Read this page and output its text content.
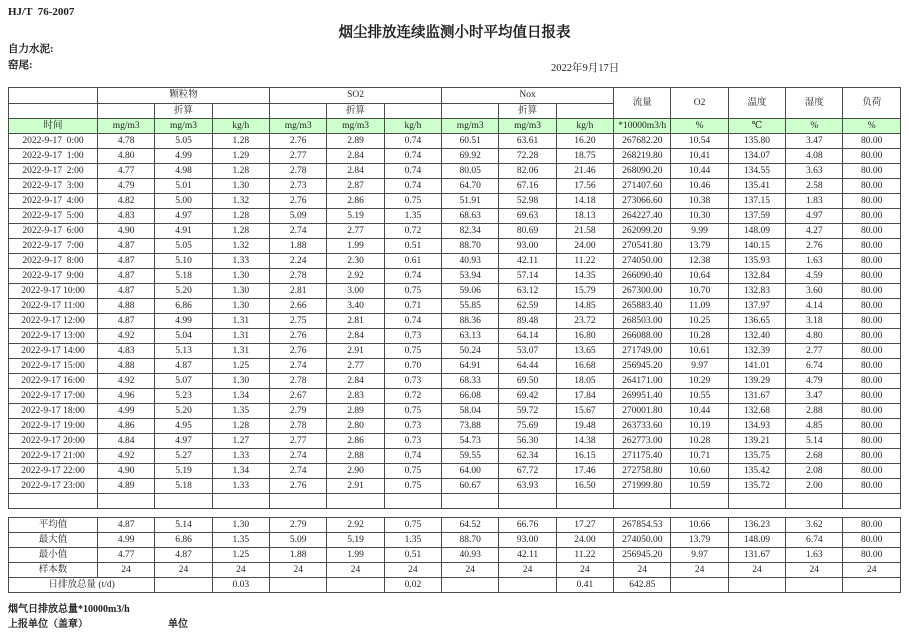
HJ/T  76-2007
烟尘排放连续监测小时平均值日报表
自力水泥:
窑尾:	2022年9月17日
	颗粒物			SO2			Nox			流量	O2	温度	湿度	负荷
		折算			折算			折算						
时间	mg/m3	mg/m3	kg/h	mg/m3	mg/m3	kg/h	mg/m3	mg/m3	kg/h	*10000m3/h	%	℃	%	%
2022-9-17  0:00	4.78	5.05	1.28	2.76	2.89	0.74	60.51	63.61	16.20	267682.20	10.54	135.80	3.47	80.00
2022-9-17  1:00	4.80	4.99	1.29	2.77	2.84	0.74	69.92	72.28	18.75	268219.80	10.41	134.07	4.08	80.00
2022-9-17  2:00	4.77	4.98	1.28	2.78	2.84	0.74	80.05	82.06	21.46	268090.20	10.44	134.55	3.63	80.00
2022-9-17  3:00	4.79	5.01	1.30	2.73	2.87	0.74	64.70	67.16	17.56	271407.60	10.46	135.41	2.58	80.00
2022-9-17  4:00	4.82	5.00	1.32	2.76	2.86	0.75	51.91	52.98	14.18	273066.60	10.38	137.15	1.83	80.00
2022-9-17  5:00	4.83	4.97	1.28	5.09	5.19	1.35	68.63	69.63	18.13	264227.40	10.30	137.59	4.97	80.00
2022-9-17  6:00	4.90	4.91	1.28	2.74	2.77	0.72	82.34	80.69	21.58	262099.20	9.99	148.09	4.27	80.00
2022-9-17  7:00	4.87	5.05	1.32	1.88	1.99	0.51	88.70	93.00	24.00	270541.80	13.79	140.15	2.76	80.00
2022-9-17  8:00	4.87	5.10	1.33	2.24	2.30	0.61	40.93	42.11	11.22	274050.00	12.38	135.93	1.63	80.00
2022-9-17  9:00	4.87	5.18	1.30	2.78	2.92	0.74	53.94	57.14	14.35	266090.40	10.64	132.84	4.59	80.00
2022-9-17 10:00	4.87	5.20	1.30	2.81	3.00	0.75	59.06	63.12	15.79	267300.00	10.70	132.83	3.60	80.00
2022-9-17 11:00	4.88	6.86	1.30	2.66	3.40	0.71	55.85	62.59	14.85	265883.40	11.09	137.97	4.14	80.00
2022-9-17 12:00	4.87	4.99	1.31	2.75	2.81	0.74	88.36	89.48	23.72	268503.00	10.25	136.65	3.18	80.00
2022-9-17 13:00	4.92	5.04	1.31	2.76	2.84	0.73	63.13	64.14	16.80	266088.00	10.28	132.40	4.80	80.00
2022-9-17 14:00	4.83	5.13	1.31	2.76	2.91	0.75	50.24	53.07	13.65	271749.00	10.61	132.39	2.77	80.00
2022-9-17 15:00	4.88	4.87	1.25	2.74	2.77	0.70	64.91	64.44	16.68	256945.20	9.97	141.01	6.74	80.00
2022-9-17 16:00	4.92	5.07	1.30	2.78	2.84	0.73	68.33	69.50	18.05	264171.00	10.29	139.29	4.79	80.00
2022-9-17 17:00	4.96	5.23	1.34	2.67	2.83	0.72	66.08	69.42	17.84	269951.40	10.55	131.67	3.47	80.00
2022-9-17 18:00	4.99	5.20	1.35	2.79	2.89	0.75	58.04	59.72	15.67	270001.80	10.44	132.68	2.88	80.00
2022-9-17 19:00	4.86	4.95	1.28	2.78	2.80	0.73	73.88	75.69	19.48	263733.60	10.19	134.93	4.85	80.00
2022-9-17 20:00	4.84	4.97	1.27	2.77	2.86	0.73	54.73	56.30	14.38	262773.00	10.28	139.21	5.14	80.00
2022-9-17 21:00	4.92	5.27	1.33	2.74	2.88	0.74	59.55	62.34	16.15	271175.40	10.71	135.75	2.68	80.00
2022-9-17 22:00	4.90	5.19	1.34	2.74	2.90	0.75	64.00	67.72	17.46	272758.80	10.60	135.42	2.08	80.00
2022-9-17 23:00	4.89	5.18	1.33	2.76	2.91	0.75	60.67	63.93	16.50	271999.80	10.59	135.72	2.00	80.00

平均值	4.87	5.14	1.30	2.79	2.92	0.75	64.52	66.76	17.27	267854.53	10.66	136.23	3.62	80.00
最大值	4.99	6.86	1.35	5.09	5.19	1.35	88.70	93.00	24.00	274050.00	13.79	148.09	6.74	80.00
最小值	4.77	4.87	1.25	1.88	1.99	0.51	40.93	42.11	11.22	256945.20	9.97	131.67	1.63	80.00
样本数	24	24	24	24	24	24	24	24	24	24	24	24	24	24
日排放总量 (t/d)			0.03			0.02			0.41	642.85				
烟气日排放总量*10000m3/h
上报单位（盖章）	单位
